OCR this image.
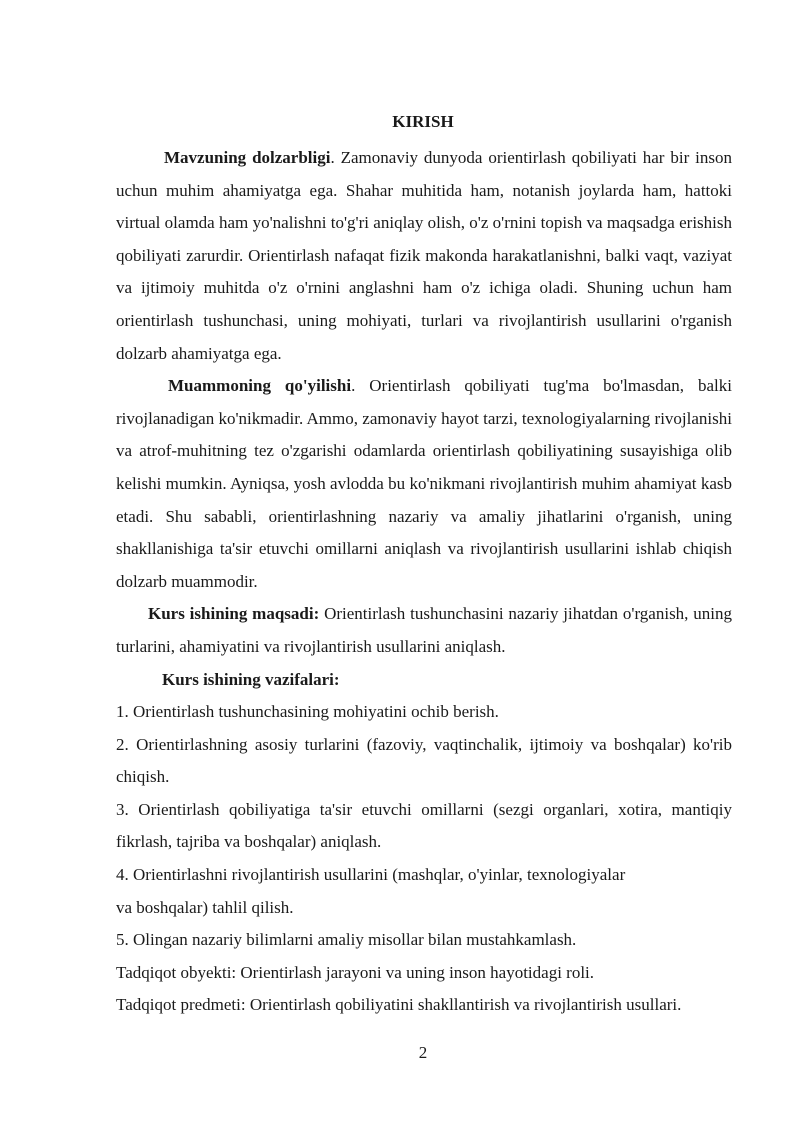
KIRISH

Mavzuning dolzarbligi. Zamonaviy dunyoda orientirlash qobiliyati har bir inson uchun muhim ahamiyatga ega. Shahar muhitida ham, notanish joylarda ham, hattoki virtual olamda ham yo'nalishni to'g'ri aniqlay olish, o'z o'rnini topish va maqsadga erishish qobiliyati zarurdir. Orientirlash nafaqat fizik makonda harakatlanishni, balki vaqt, vaziyat va ijtimoiy muhitda o'z o'rnini anglashni ham o'z ichiga oladi. Shuning uchun ham orientirlash tushunchasi, uning mohiyati, turlari va rivojlantirish usullarini o'rganish dolzarb ahamiyatga ega.

Muammoning qo'yilishi. Orientirlash qobiliyati tug'ma bo'lmasdan, balki rivojlanadigan ko'nikmadir. Ammo, zamonaviy hayot tarzi, texnologiyalarning rivojlanishi va atrof-muhitning tez o'zgarishi odamlarda orientirlash qobiliyatining susayishiga olib kelishi mumkin. Ayniqsa, yosh avlodda bu ko'nikmani rivojlantirish muhim ahamiyat kasb etadi. Shu sababli, orientirlashning nazariy va amaliy jihatlarini o'rganish, uning shakllanishiga ta'sir etuvchi omillarni aniqlash va rivojlantirish usullarini ishlab chiqish dolzarb muammodir.

Kurs ishining maqsadi: Orientirlash tushunchasini nazariy jihatdan o'rganish, uning turlarini, ahamiyatini va rivojlantirish usullarini aniqlash.

Kurs ishining vazifalari:

1. Orientirlash tushunchasining mohiyatini ochib berish.

2. Orientirlashning asosiy turlarini (fazoviy, vaqtinchalik, ijtimoiy va boshqalar) ko'rib chiqish.

3. Orientirlash qobiliyatiga ta'sir etuvchi omillarni (sezgi organlari, xotira, mantiqiy fikrlash, tajriba va boshqalar) aniqlash.

4. Orientirlashni rivojlantirish usullarini (mashqlar, o'yinlar, texnologiyalar

va boshqalar) tahlil qilish.

5. Olingan nazariy bilimlarni amaliy misollar bilan mustahkamlash.

Tadqiqot obyekti: Orientirlash jarayoni va uning inson hayotidagi roli.

Tadqiqot predmeti: Orientirlash qobiliyatini shakllantirish va rivojlantirish usullari.

2
